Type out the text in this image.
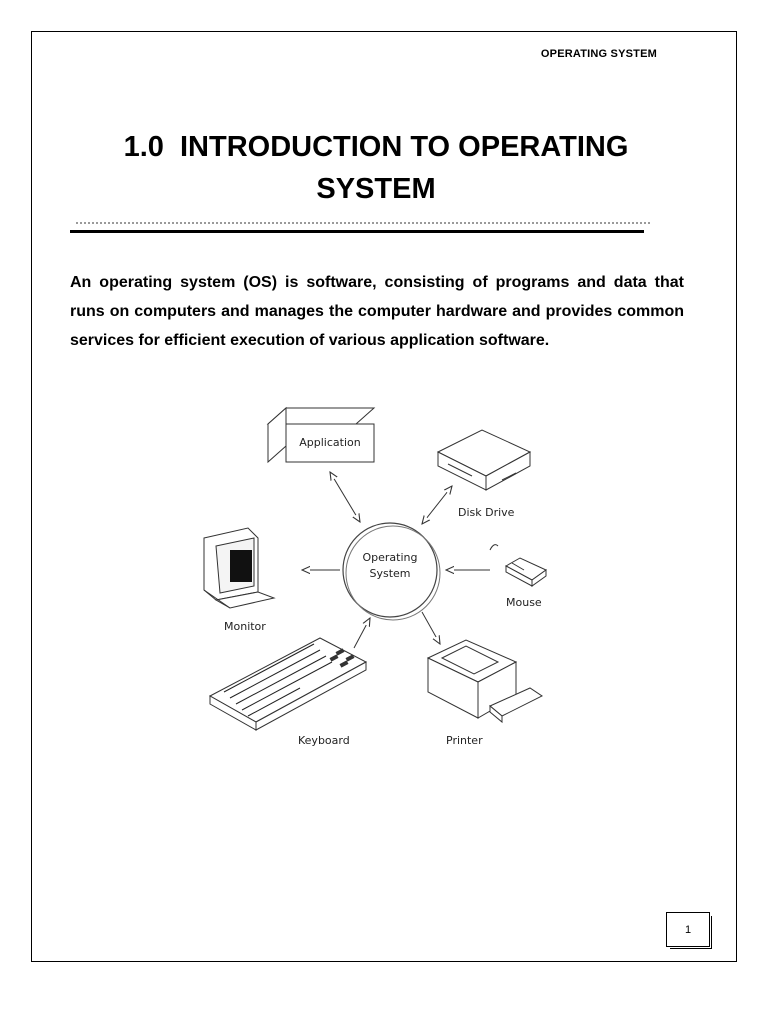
OPERATING SYSTEM
1.0  INTRODUCTION TO OPERATING
SYSTEM

An operating system (OS) is software, consisting of programs and data that runs on computers and manages the computer hardware and provides common services for efficient execution of various application software.

Operating
System
Application
Disk Drive
Monitor
Mouse
Keyboard	Printer
1
